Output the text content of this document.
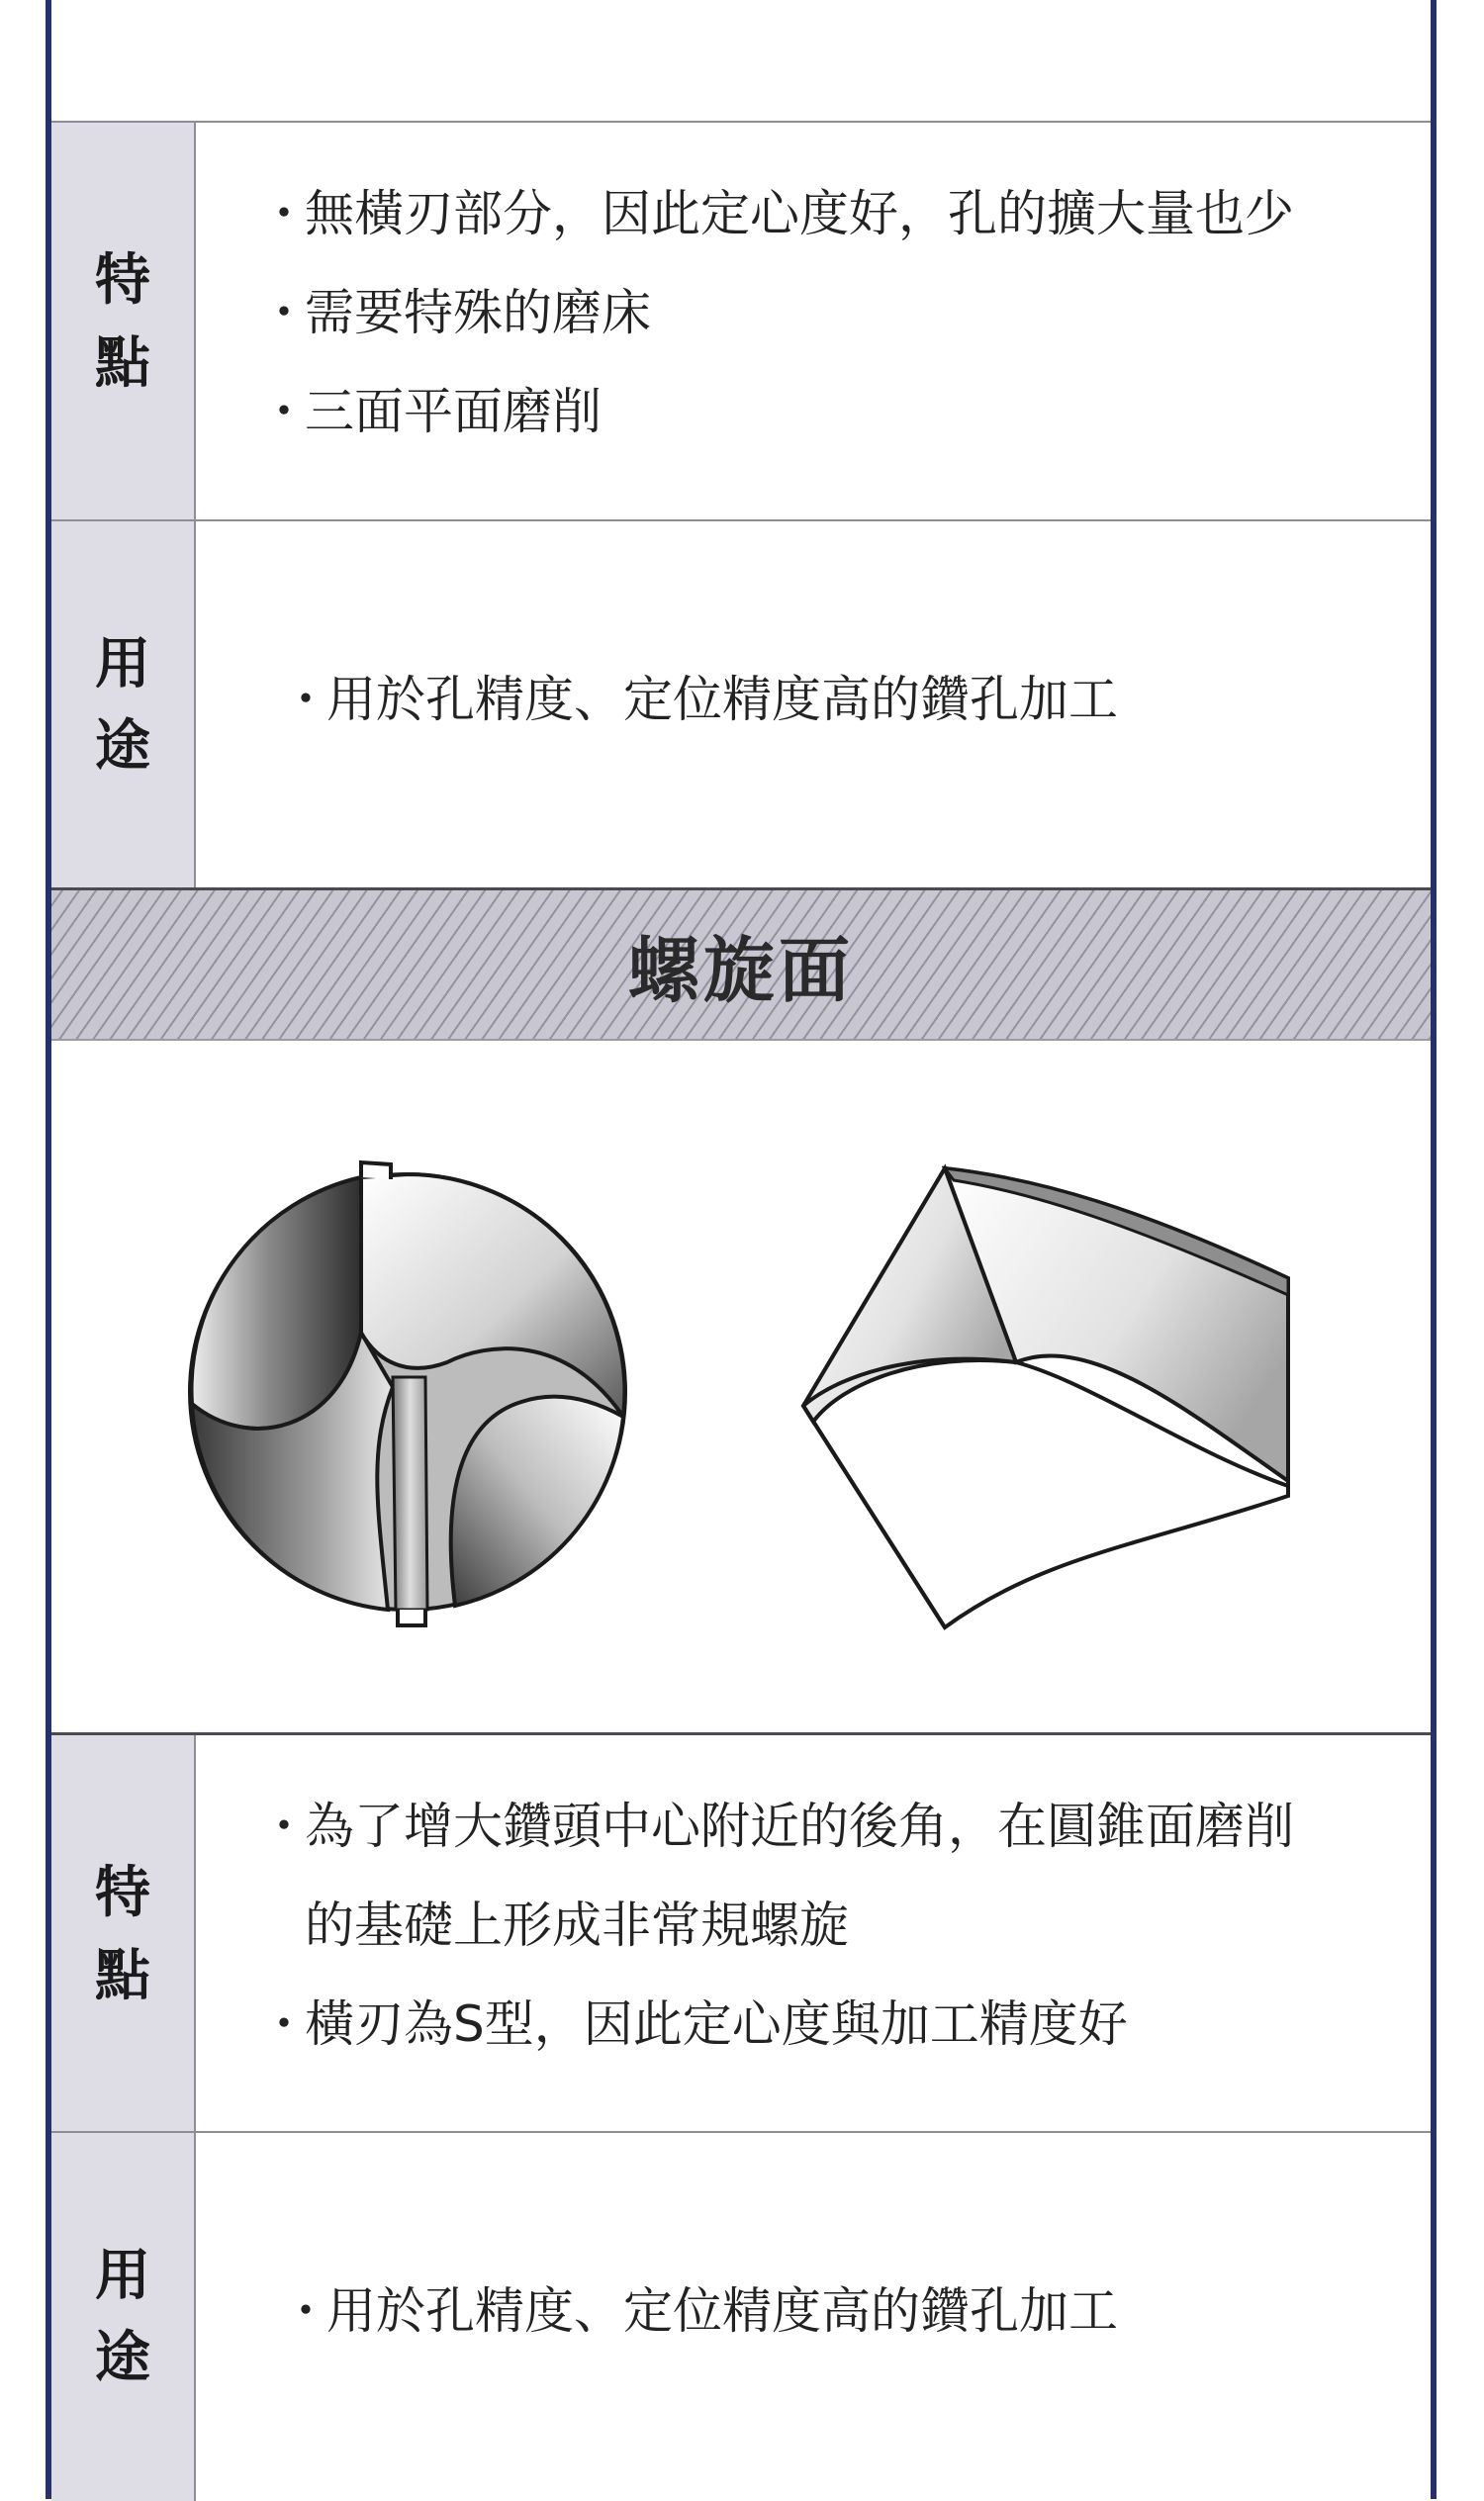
特
點
・
無橫刃部分，因此定心度好，孔的擴大量也少
・
需要特殊的磨床
・
三面平面磨削
用
途
・
用於孔精度、定位精度高的鑽孔加工
螺旋面
特
點
・
為了增大鑽頭中心附近的後角，在圓錐面磨削
的基礎上形成非常規螺旋
・
橫刃為S型，因此定心度與加工精度好
用
途
・
用於孔精度、定位精度高的鑽孔加工
